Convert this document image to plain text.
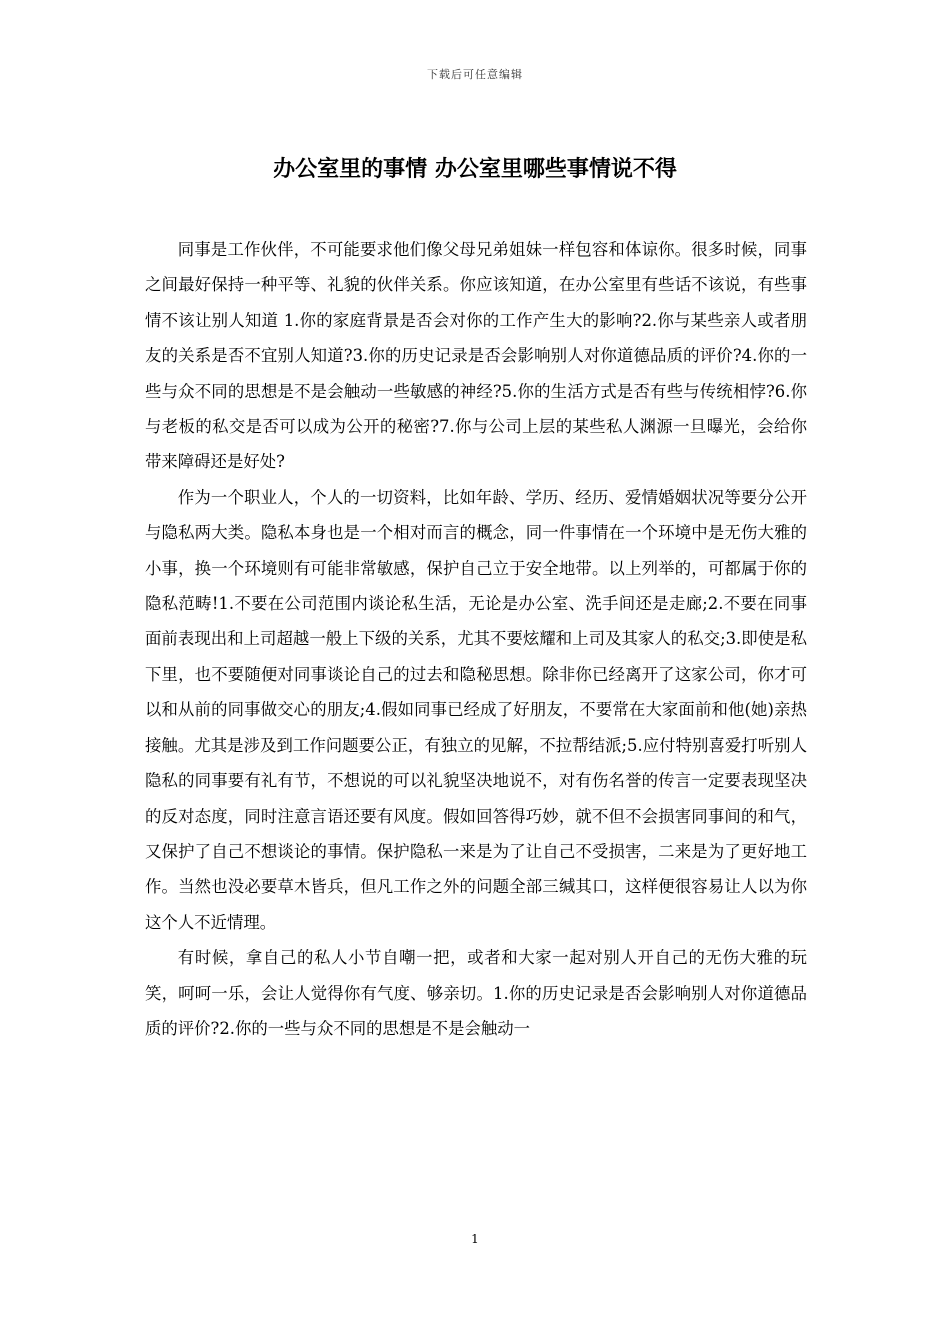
下载后可任意编辑
办公室里的事情 办公室里哪些事情说不得

同事是工作伙伴，不可能要求他们像父母兄弟姐妹一样包容和体谅你。很多时候，同事之间最好保持一种平等、礼貌的伙伴关系。你应该知道，在办公室里有些话不该说，有些事情不该让别人知道 1.你的家庭背景是否会对你的工作产生大的影响?2.你与某些亲人或者朋友的关系是否不宜别人知道?3.你的历史记录是否会影响别人对你道德品质的评价?4.你的一些与众不同的思想是不是会触动一些敏感的神经?5.你的生活方式是否有些与传统相悖?6.你与老板的私交是否可以成为公开的秘密?7.你与公司上层的某些私人渊源一旦曝光，会给你带来障碍还是好处?

作为一个职业人，个人的一切资料，比如年龄、学历、经历、爱情婚姻状况等要分公开与隐私两大类。隐私本身也是一个相对而言的概念，同一件事情在一个环境中是无伤大雅的小事，换一个环境则有可能非常敏感，保护自己立于安全地带。以上列举的，可都属于你的隐私范畴!1.不要在公司范围内谈论私生活，无论是办公室、洗手间还是走廊;2.不要在同事面前表现出和上司超越一般上下级的关系，尤其不要炫耀和上司及其家人的私交;3.即使是私下里，也不要随便对同事谈论自己的过去和隐秘思想。除非你已经离开了这家公司，你才可以和从前的同事做交心的朋友;4.假如同事已经成了好朋友，不要常在大家面前和他(她)亲热接触。尤其是涉及到工作问题要公正，有独立的见解，不拉帮结派;5.应付特别喜爱打听别人隐私的同事要有礼有节，不想说的可以礼貌坚决地说不，对有伤名誉的传言一定要表现坚决的反对态度，同时注意言语还要有风度。假如回答得巧妙，就不但不会损害同事间的和气，又保护了自己不想谈论的事情。保护隐私一来是为了让自己不受损害，二来是为了更好地工作。当然也没必要草木皆兵，但凡工作之外的问题全部三缄其口，这样便很容易让人以为你这个人不近情理。

有时候，拿自己的私人小节自嘲一把，或者和大家一起对别人开自己的无伤大雅的玩笑，呵呵一乐，会让人觉得你有气度、够亲切。1.你的历史记录是否会影响别人对你道德品质的评价?2.你的一些与众不同的思想是不是会触动一

1
